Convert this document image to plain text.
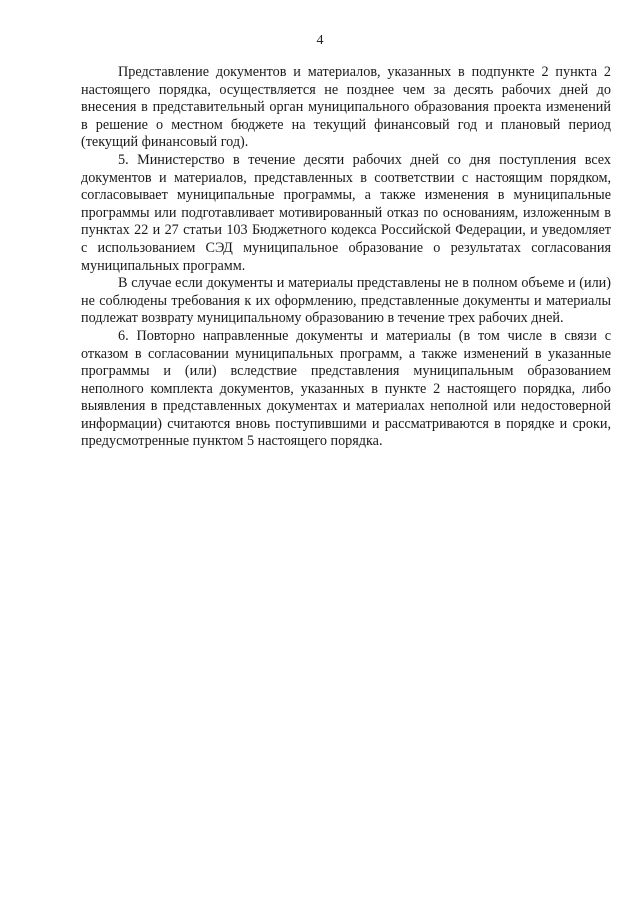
4

Представление документов и материалов, указанных в подпункте 2 пункта 2 настоящего порядка, осуществляется не позднее чем за десять рабочих дней до внесения в представительный орган муниципального образования проекта изменений в решение о местном бюджете на текущий финансовый год и плановый период (текущий финансовый год).

5. Министерство в течение десяти рабочих дней со дня поступления всех документов и материалов, представленных в соответствии с настоящим порядком, согласовывает муниципальные программы, а также изменения в муниципальные программы или подготавливает мотивированный отказ по основаниям, изложенным в пунктах 22 и 27 статьи 103 Бюджетного кодекса Российской Федерации, и уведомляет с использованием СЭД муниципальное образование о результатах согласования муниципальных программ.

В случае если документы и материалы представлены не в полном объеме и (или) не соблюдены требования к их оформлению, представленные документы и материалы подлежат возврату муниципальному образованию в течение трех рабочих дней.

6. Повторно направленные документы и материалы (в том числе в связи с отказом в согласовании муниципальных программ, а также изменений в указанные программы и (или) вследствие представления муниципальным образованием неполного комплекта документов, указанных в пункте 2 настоящего порядка, либо выявления в представленных документах и материалах неполной или недостоверной информации) считаются вновь поступившими и рассматриваются в порядке и сроки, предусмотренные пунктом 5 настоящего порядка.
